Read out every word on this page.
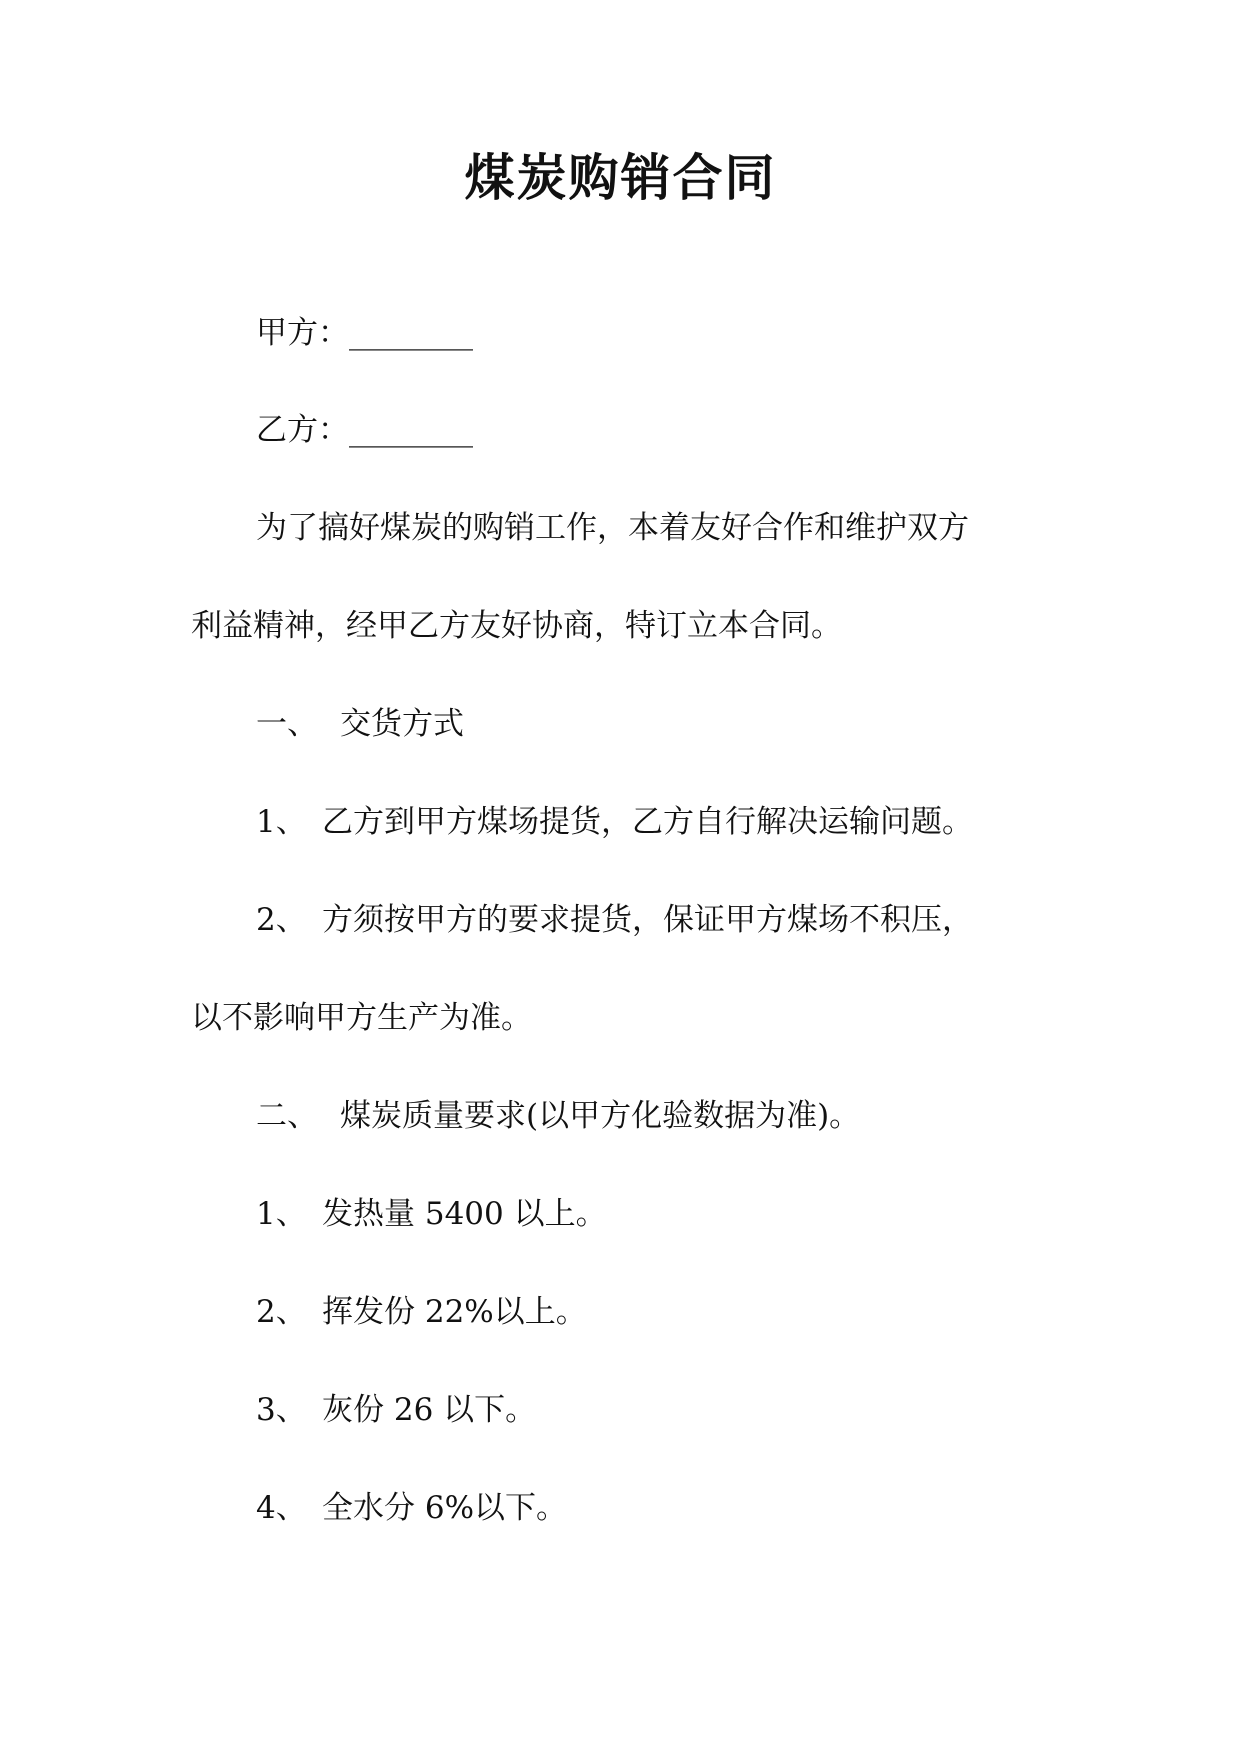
煤炭购销合同

甲方：________

乙方：________

为了搞好煤炭的购销工作，本着友好合作和维护双方

利益精神，经甲乙方友好协商，特订立本合同。

一、 交货方式

1、 乙方到甲方煤场提货，乙方自行解决运输问题。

2、 方须按甲方的要求提货，保证甲方煤场不积压，

以不影响甲方生产为准。

二、 煤炭质量要求(以甲方化验数据为准)。

1、 发热量 5400 以上。

2、 挥发份 22%以上。

3、 灰份 26 以下。

4、 全水分 6%以下。
